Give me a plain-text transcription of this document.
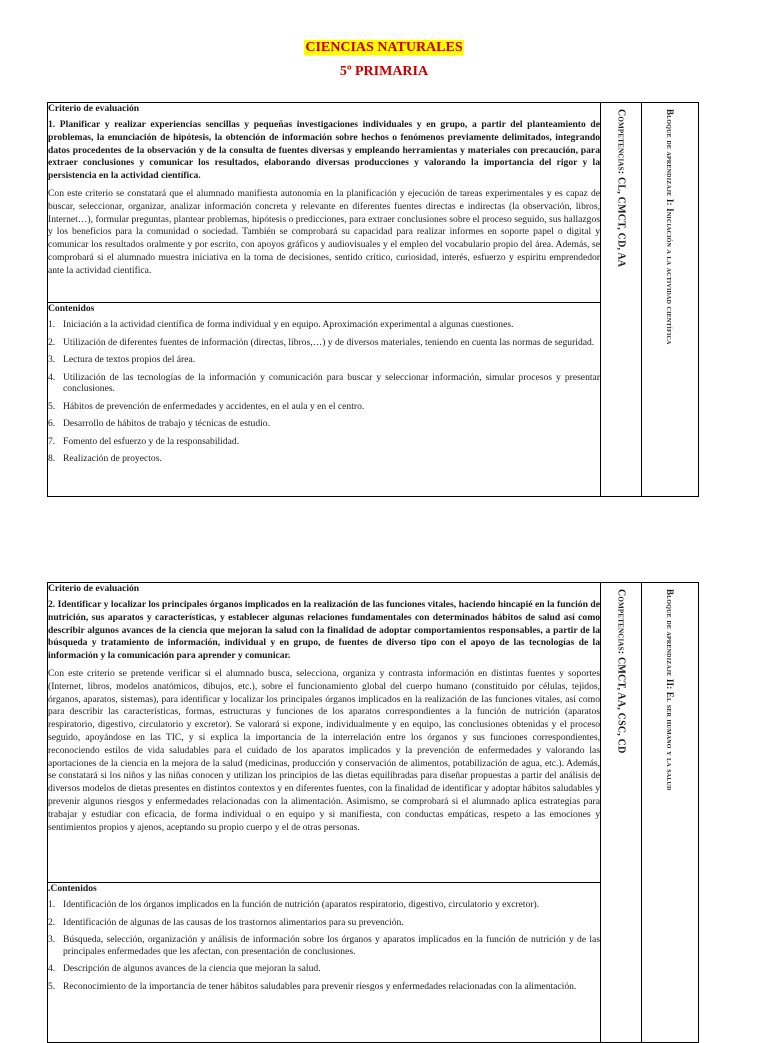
CIENCIAS NATURALES
5º PRIMARIA

Criterio de evaluación

1. Planificar y realizar experiencias sencillas y pequeñas investigaciones individuales y en grupo, a partir del planteamiento de problemas, la enunciación de hipótesis, la obtención de información sobre hechos o fenómenos previamente delimitados, integrando datos procedentes de la observación y de la consulta de fuentes diversas y empleando herramientas y materiales con precaución, para extraer conclusiones y comunicar los resultados, elaborando diversas producciones y valorando la importancia del rigor y la persistencia en la actividad científica.

Con este criterio se constatará que el alumnado manifiesta autonomía en la planificación y ejecución de tareas experimentales y es capaz de buscar, seleccionar, organizar, analizar información concreta y relevante en diferentes fuentes directas e indirectas (la observación, libros, Internet…), formular preguntas, plantear problemas, hipótesis o predicciones, para extraer conclusiones sobre el proceso seguido, sus hallazgos y los beneficios para la comunidad o sociedad. También se comprobará su capacidad para realizar informes en soporte papel o digital y comunicar los resultados oralmente y por escrito, con apoyos gráficos y audiovisuales y el empleo del vocabulario propio del área. Además, se comprobará si el alumnado muestra iniciativa en la toma de decisiones, sentido crítico, curiosidad, interés, esfuerzo y espíritu emprendedor ante la actividad científica.

Competencias: CL, CMCT, CD, AA	Bloque de aprendizaje I: Iniciación a la actividad científica

Contenidos

1. Iniciación a la actividad científica de forma individual y en equipo. Aproximación experimental a algunas cuestiones.
2. Utilización de diferentes fuentes de información (directas, libros,…) y de diversos materiales, teniendo en cuenta las normas de seguridad.
3. Lectura de textos propios del área.
4. Utilización de las tecnologías de la información y comunicación para buscar y seleccionar información, simular procesos y presentar conclusiones.
5. Hábitos de prevención de enfermedades y accidentes, en el aula y en el centro.
6. Desarrollo de hábitos de trabajo y técnicas de estudio.
7. Fomento del esfuerzo y de la responsabilidad.
8. Realización de proyectos.

Criterio de evaluación

2. Identificar y localizar los principales órganos implicados en la realización de las funciones vitales, haciendo hincapié en la función de nutrición, sus aparatos y características, y establecer algunas relaciones fundamentales con determinados hábitos de salud así como describir algunos avances de la ciencia que mejoran la salud con la finalidad de adoptar comportamientos responsables, a partir de la búsqueda y tratamiento de información, individual y en grupo, de fuentes de diverso tipo con el apoyo de las tecnologías de la información y la comunicación para aprender y comunicar.

Con este criterio se pretende verificar si el alumnado busca, selecciona, organiza y contrasta información en distintas fuentes y soportes (Internet, libros, modelos anatómicos, dibujos, etc.), sobre el funcionamiento global del cuerpo humano (constituido por células, tejidos, órganos, aparatos, sistemas), para identificar y localizar los principales órganos implicados en la realización de las funciones vitales, así como para describir las características, formas, estructuras y funciones de los aparatos correspondientes a la función de nutrición (aparatos respiratorio, digestivo, circulatorio y excretor). Se valorará si expone, individualmente y en equipo, las conclusiones obtenidas y el proceso seguido, apoyándose en las TIC, y si explica la importancia de la interrelación entre los órganos y sus funciones correspondientes, reconociendo estilos de vida saludables para el cuidado de los aparatos implicados y la prevención de enfermedades y valorando las aportaciones de la ciencia en la mejora de la salud (medicinas, producción y conservación de alimentos, potabilización de agua, etc.). Además, se constatará si los niños y las niñas conocen y utilizan los principios de las dietas equilibradas para diseñar propuestas a partir del análisis de diversos modelos de dietas presentes en distintos contextos y en diferentes fuentes, con la finalidad de identificar y adoptar hábitos saludables y prevenir algunos riesgos y enfermedades relacionadas con la alimentación. Asimismo, se comprobará si el alumnado aplica estrategias para trabajar y estudiar con eficacia, de forma individual o en equipo y si manifiesta, con conductas empáticas, respeto a las emociones y sentimientos propios y ajenos, aceptando su propio cuerpo y el de otras personas.

Competencias: CMCT, AA, CSC, CD	Bloque de aprendizaje II: El ser humano y la salud

.Contenidos

1. Identificación de los órganos implicados en la función de nutrición (aparatos respiratorio, digestivo, circulatorio y excretor).
2. Identificación de algunas de las causas de los trastornos alimentarios para su prevención.
3. Búsqueda, selección, organización y análisis de información sobre los órganos y aparatos implicados en la función de nutrición y de las principales enfermedades que les afectan, con presentación de conclusiones.
4. Descripción de algunos avances de la ciencia que mejoran la salud.
5. Reconocimiento de la importancia de tener hábitos saludables para prevenir riesgos y enfermedades relacionadas con la alimentación.
